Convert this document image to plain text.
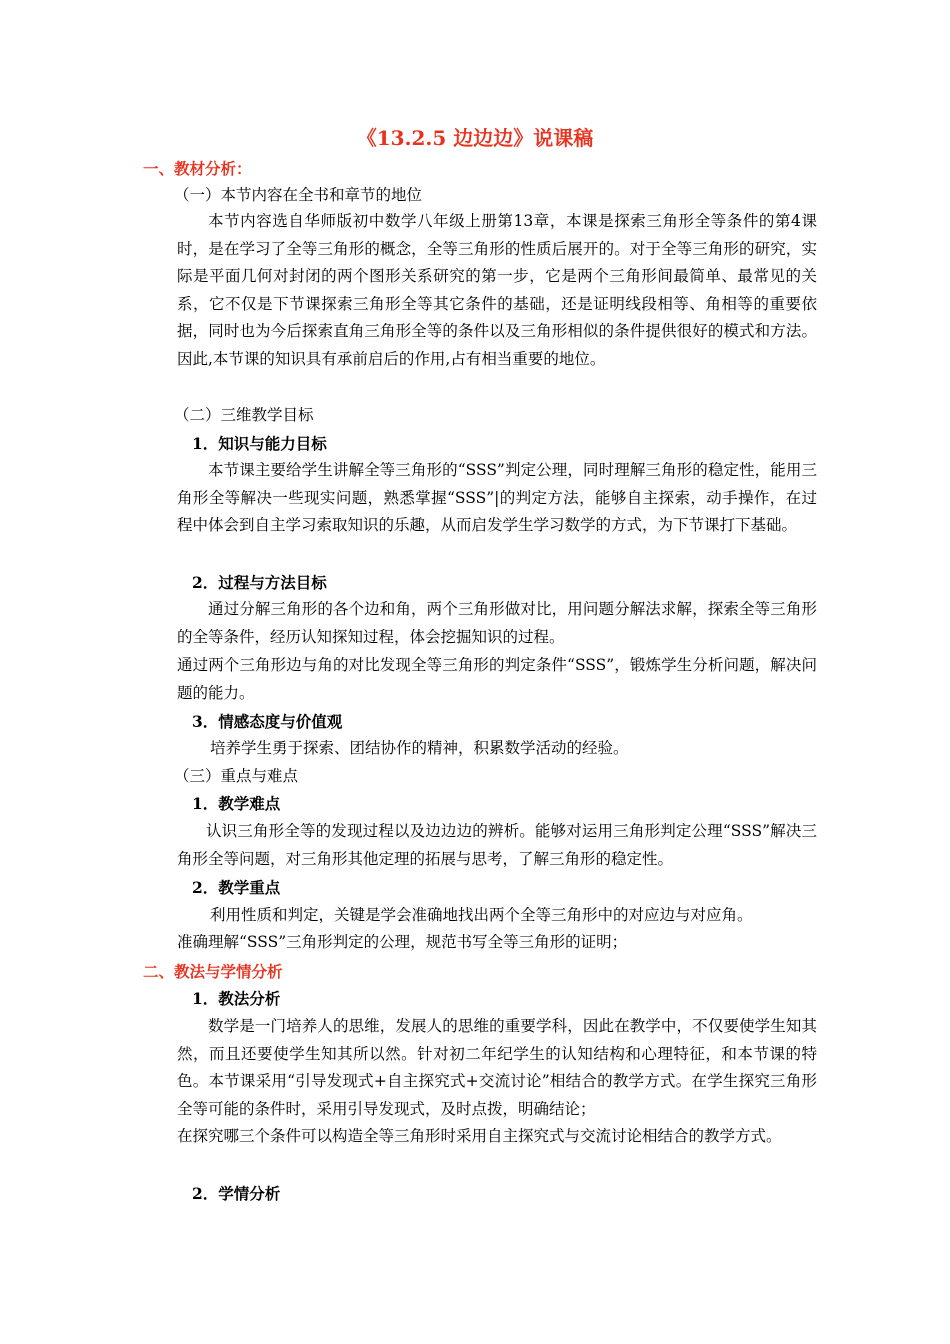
《13.2.5 边边边》说课稿
一、教材分析：
（一）本节内容在全书和章节的地位
本节内容选自华师版初中数学八年级上册第13章，本课是探索三角形全等条件的第4课时，是在学习了全等三角形的概念，全等三角形的性质后展开的。对于全等三角形的研究，实际是平面几何对封闭的两个图形关系研究的第一步，它是两个三角形间最简单、最常见的关系，它不仅是下节课探索三角形全等其它条件的基础，还是证明线段相等、角相等的重要依据，同时也为今后探索直角三角形全等的条件以及三角形相似的条件提供很好的模式和方法。因此,本节课的知识具有承前启后的作用,占有相当重要的地位。
（二）三维教学目标
1．知识与能力目标
本节课主要给学生讲解全等三角形的“SSS”判定公理，同时理解三角形的稳定性，能用三角形全等解决一些现实问题，熟悉掌握“SSS”|的判定方法，能够自主探索，动手操作，在过程中体会到自主学习索取知识的乐趣，从而启发学生学习数学的方式，为下节课打下基础。
2．过程与方法目标
通过分解三角形的各个边和角，两个三角形做对比，用问题分解法求解，探索全等三角形的全等条件，经历认知探知过程，体会挖掘知识的过程。
通过两个三角形边与角的对比发现全等三角形的判定条件“SSS”，锻炼学生分析问题，解决问题的能力。
3．情感态度与价值观
培养学生勇于探索、团结协作的精神，积累数学活动的经验。
（三）重点与难点
1．教学难点
认识三角形全等的发现过程以及边边边的辨析。能够对运用三角形判定公理“SSS”解决三角形全等问题，对三角形其他定理的拓展与思考，了解三角形的稳定性。
2．教学重点
利用性质和判定，关键是学会准确地找出两个全等三角形中的对应边与对应角。
准确理解“SSS”三角形判定的公理，规范书写全等三角形的证明；
二、教法与学情分析
1．教法分析
数学是一门培养人的思维，发展人的思维的重要学科，因此在教学中，不仅要使学生知其然，而且还要使学生知其所以然。针对初二年纪学生的认知结构和心理特征，和本节课的特色。本节课采用“引导发现式+自主探究式+交流讨论”相结合的教学方式。在学生探究三角形全等可能的条件时，采用引导发现式，及时点拨，明确结论；
在探究哪三个条件可以构造全等三角形时采用自主探究式与交流讨论相结合的教学方式。
2．学情分析
